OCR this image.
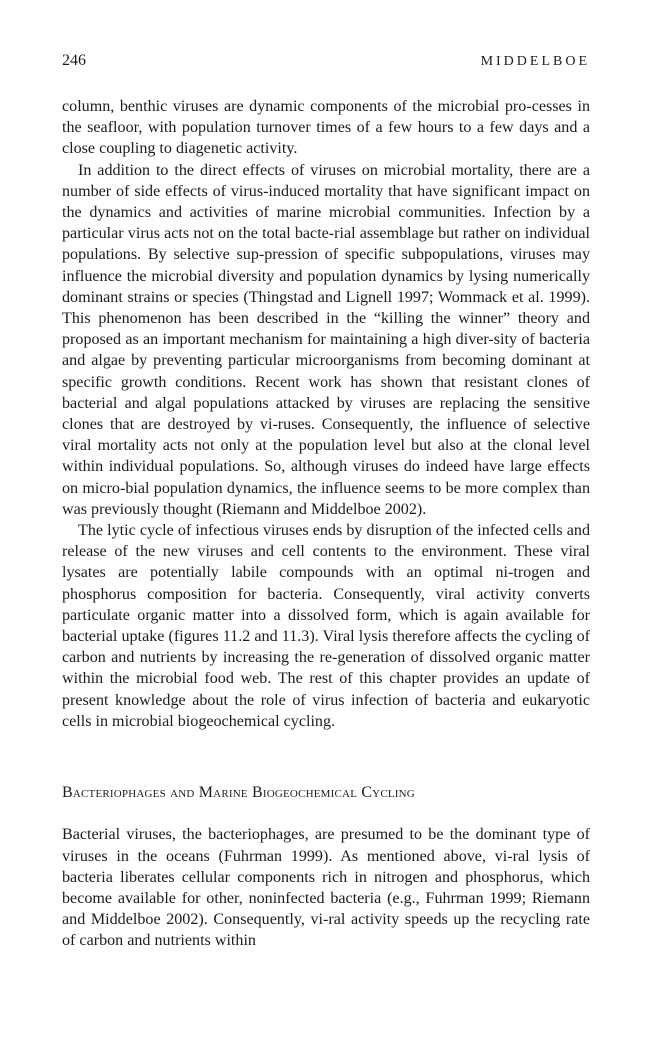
246	MIDDELBOE

column, benthic viruses are dynamic components of the microbial pro-cesses in the seafloor, with population turnover times of a few hours to a few days and a close coupling to diagenetic activity.

In addition to the direct effects of viruses on microbial mortality, there are a number of side effects of virus-induced mortality that have significant impact on the dynamics and activities of marine microbial communities. Infection by a particular virus acts not on the total bacte-rial assemblage but rather on individual populations. By selective sup-pression of specific subpopulations, viruses may influence the microbial diversity and population dynamics by lysing numerically dominant strains or species (Thingstad and Lignell 1997; Wommack et al. 1999). This phenomenon has been described in the “killing the winner” theory and proposed as an important mechanism for maintaining a high diver-sity of bacteria and algae by preventing particular microorganisms from becoming dominant at specific growth conditions. Recent work has shown that resistant clones of bacterial and algal populations attacked by viruses are replacing the sensitive clones that are destroyed by vi-ruses. Consequently, the influence of selective viral mortality acts not only at the population level but also at the clonal level within individual populations. So, although viruses do indeed have large effects on micro-bial population dynamics, the influence seems to be more complex than was previously thought (Riemann and Middelboe 2002).

The lytic cycle of infectious viruses ends by disruption of the infected cells and release of the new viruses and cell contents to the environment. These viral lysates are potentially labile compounds with an optimal ni-trogen and phosphorus composition for bacteria. Consequently, viral activity converts particulate organic matter into a dissolved form, which is again available for bacterial uptake (figures 11.2 and 11.3). Viral lysis therefore affects the cycling of carbon and nutrients by increasing the re-generation of dissolved organic matter within the microbial food web. The rest of this chapter provides an update of present knowledge about the role of virus infection of bacteria and eukaryotic cells in microbial biogeochemical cycling.

Bacteriophages and Marine Biogeochemical Cycling

Bacterial viruses, the bacteriophages, are presumed to be the dominant type of viruses in the oceans (Fuhrman 1999). As mentioned above, vi-ral lysis of bacteria liberates cellular components rich in nitrogen and phosphorus, which become available for other, noninfected bacteria (e.g., Fuhrman 1999; Riemann and Middelboe 2002). Consequently, vi-ral activity speeds up the recycling rate of carbon and nutrients within
